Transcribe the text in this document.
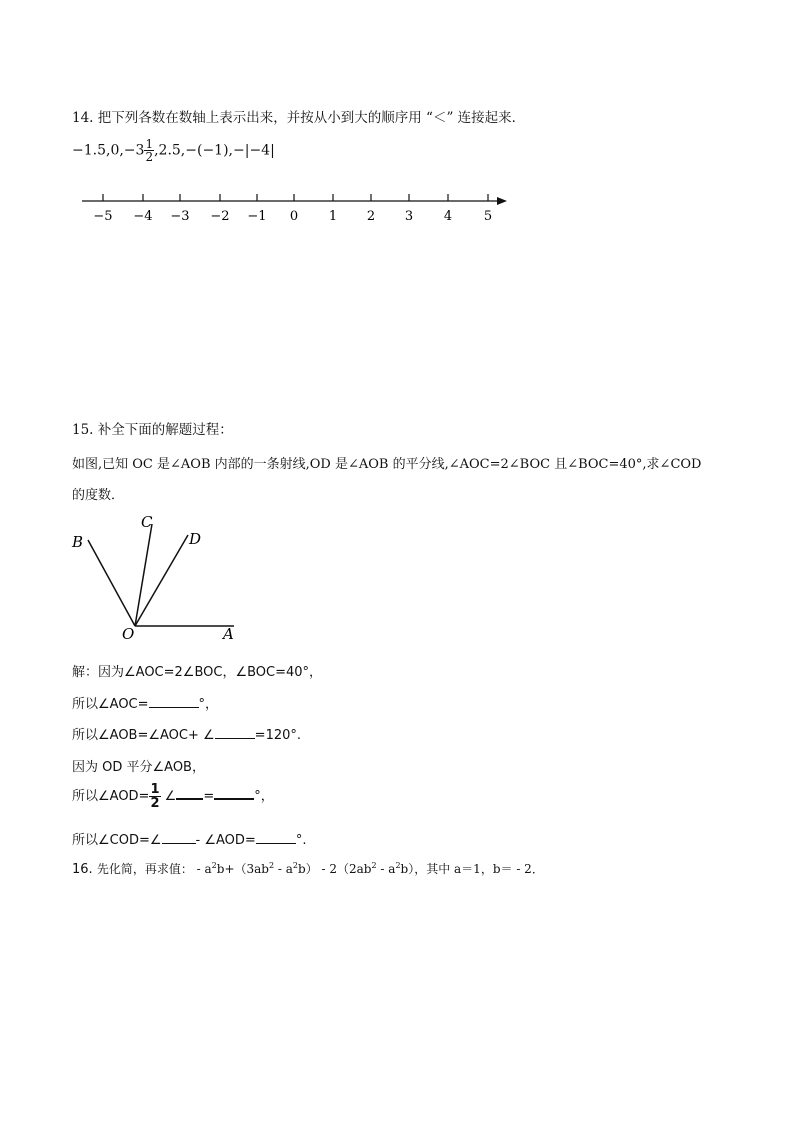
14. 把下列各数在数轴上表示出来，并按从小到大的顺序用 “＜” 连接起来．
$-1.5,0,-3 \frac{1}{2} ,2.5,-(-1),-|-4|$
−5 −4 −3 −2 −1 0 1 2 3 4 5
15. 补全下面的解题过程：
如图,已知 OC 是∠AOB 内部的一条射线,OD 是∠AOB 的平分线,∠AOC=2∠BOC 且∠BOC=40°,求∠COD
的度数．
B
C
D
O	A
解：因为∠AOC=2∠BOC，∠BOC=40°，
所以∠AOC=	°，
所以∠AOB=∠AOC+ ∠	=120°.
因为 OD 平分∠AOB，
所以∠AOD= $\frac{1}{2}$ ∠ =	°，
所以∠COD=∠	- ∠AOD=	°.
16. 先化简，再求值： - $a^2b+(3ab^2 - a^2b) - 2(2ab^2 - a^2b)$，其中 a＝1，b＝ - 2．
